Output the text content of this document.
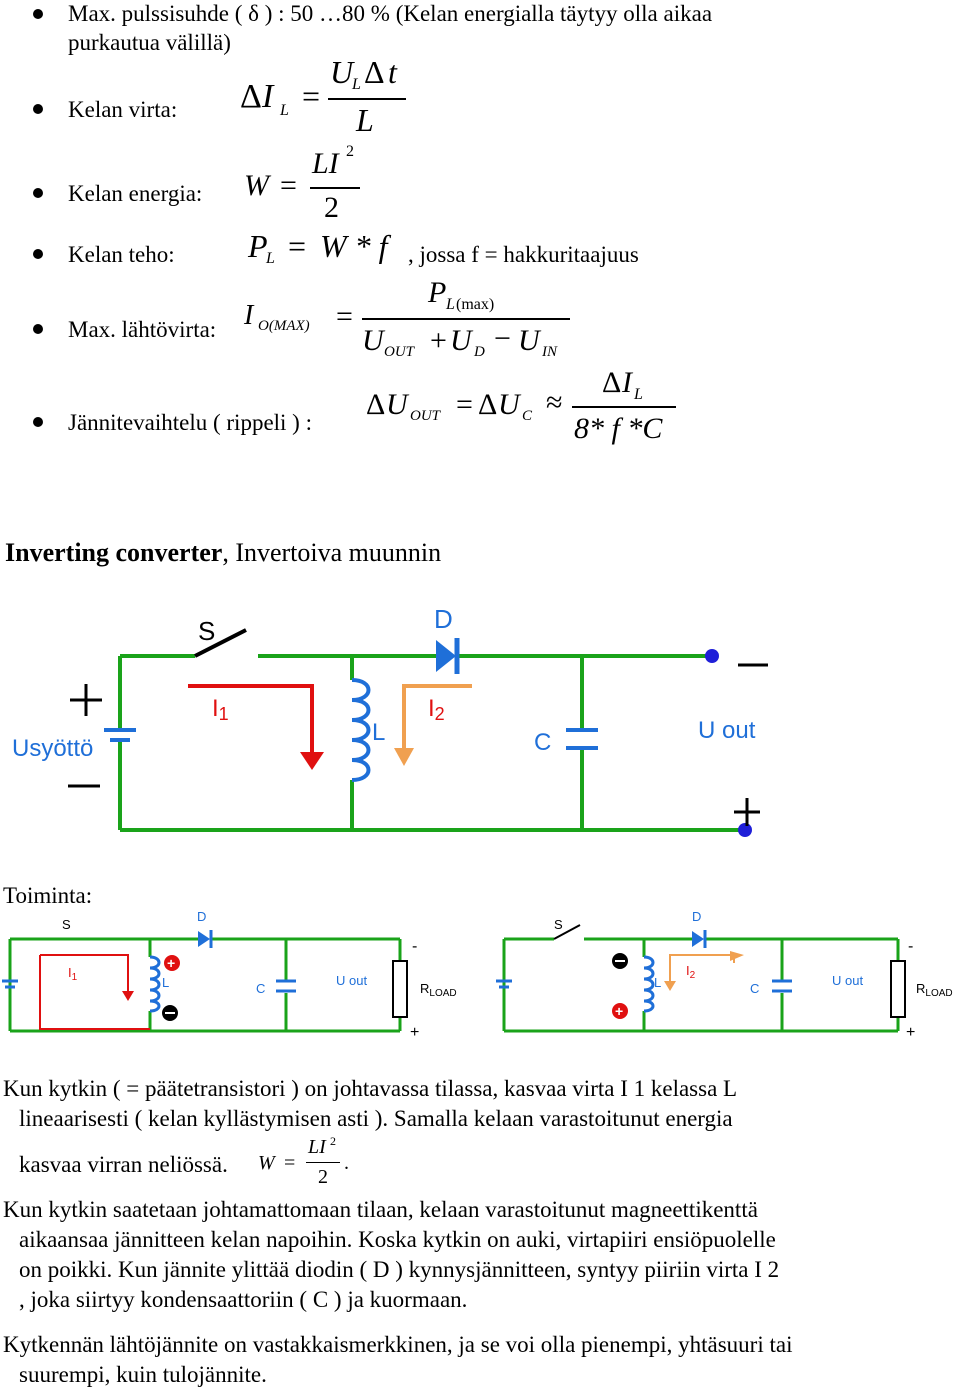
Max. pulssisuhde ( δ ) : 50 …80 % (Kelan energialla täytyy olla aikaa
purkautua välillä)
Kelan virta: Δ I L =
U
L Δ t
L
Kelan energia: W =
LI 2
2
Kelan teho: P
L = W * f , jossa f = hakkuritaajuus
Max. lähtövirta: I O(MAX) =
P L (max)
U OUT + U D − U IN
Jännitevaihtelu ( rippeli ) :
Δ U OUT = Δ U C ≈
Δ I L
8* f *C
Inverting converter, Invertoiva muunnin
S	D
L	C	U out
Usyöttö
I1	I2
Toiminta:
S
D
L	C
U out
$R_{LOAD}$
-
+
$I_1$
+
S
D
L	C
U out
$R_{LOAD}$
-
+
$I_2$
+
Kun kytkin ( = päätetransistori ) on johtavassa tilassa, kasvaa virta I 1 kelassa L
lineaarisesti ( kelan kyllästymisen asti ). Samalla kelaan varastoitunut energia
kasvaa virran neliössä. W =
LI 2
2
.
Kun kytkin saatetaan johtamattomaan tilaan, kelaan varastoitunut magneettikenttä
aikaansaa jännitteen kelan napoihin. Koska kytkin on auki, virtapiiri ensiöpuolelle
on poikki. Kun jännite ylittää diodin ( D ) kynnysjännitteen, syntyy piiriin virta I 2
, joka siirtyy kondensaattoriin ( C ) ja kuormaan.
Kytkennän lähtöjännite on vastakkaismerkkinen, ja se voi olla pienempi, yhtäsuuri tai
suurempi, kuin tulojännite.
